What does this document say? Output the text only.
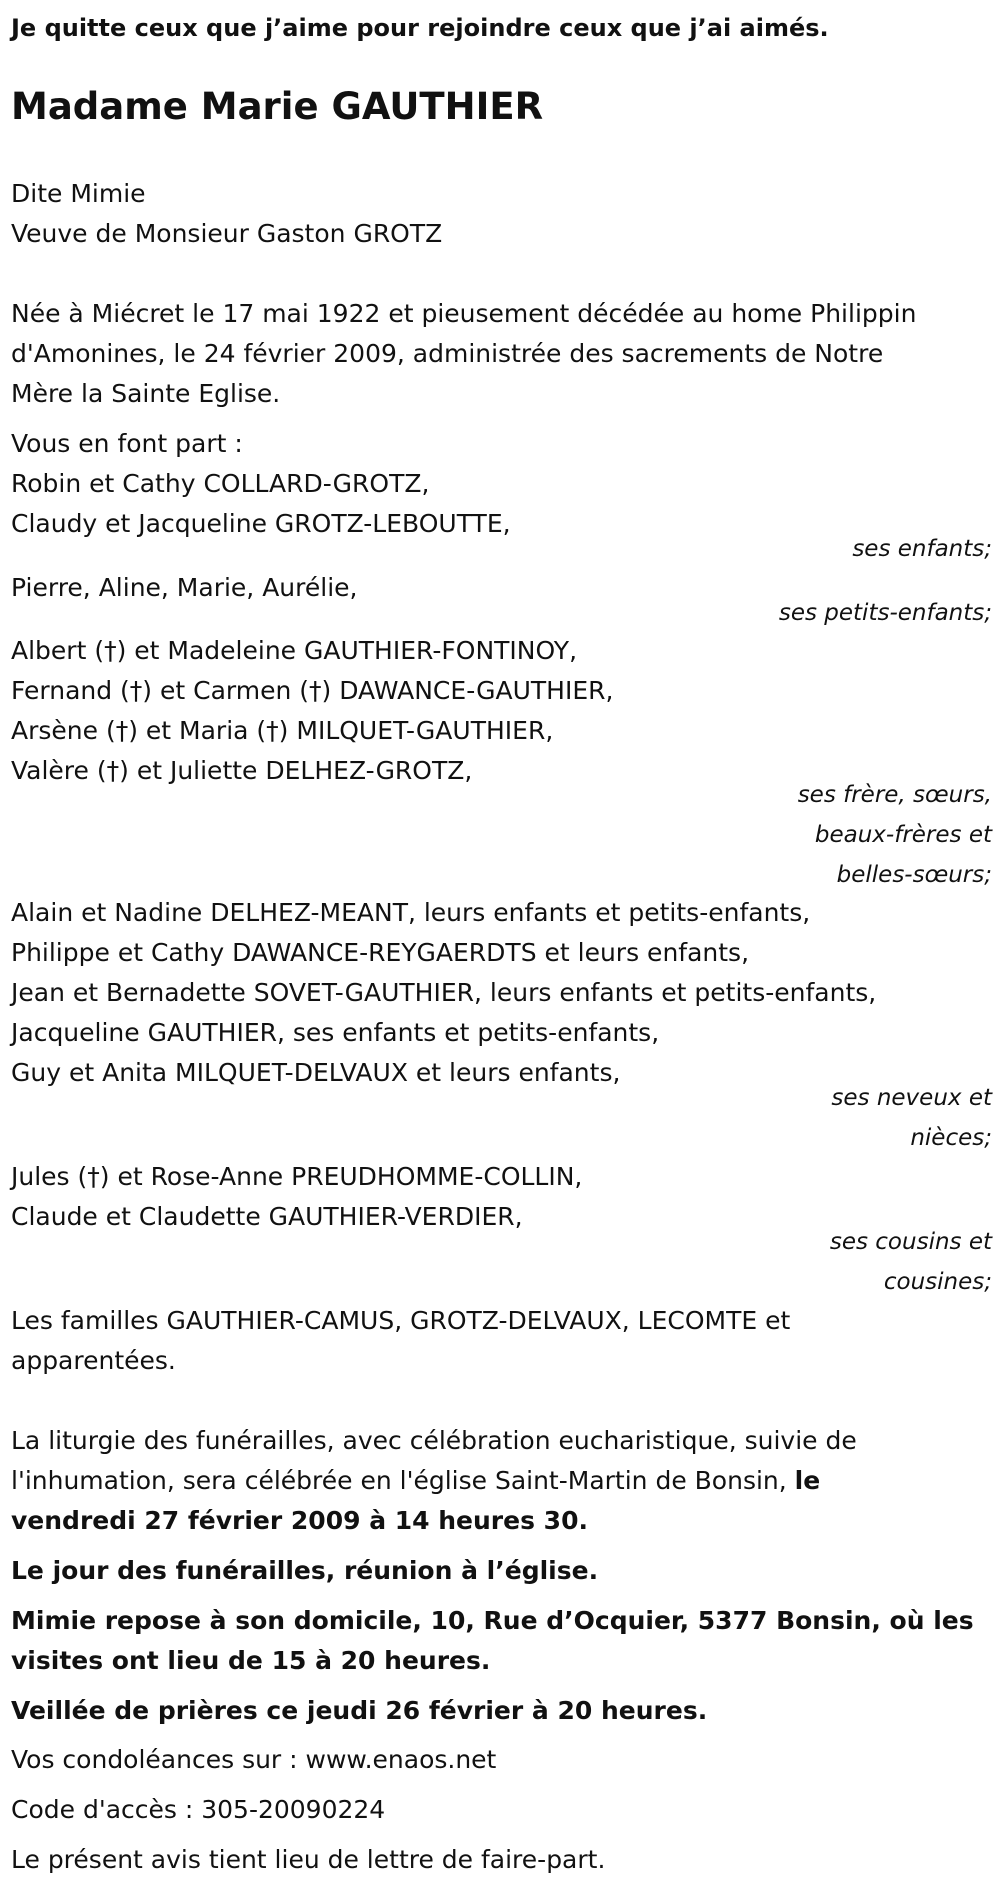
Je quitte ceux que j’aime pour rejoindre ceux que j’ai aimés.
Madame Marie GAUTHIER
Dite Mimie
Veuve de Monsieur Gaston GROTZ
Née à Miécret le 17 mai 1922 et pieusement décédée au home Philippin
d'Amonines, le 24 février 2009, administrée des sacrements de Notre
Mère la Sainte Eglise.
Vous en font part :
Robin et Cathy COLLARD-GROTZ,
Claudy et Jacqueline GROTZ-LEBOUTTE,
ses enfants;
Pierre, Aline, Marie, Aurélie,
ses petits-enfants;
Albert (†) et Madeleine GAUTHIER-FONTINOY,
Fernand (†) et Carmen (†) DAWANCE-GAUTHIER,
Arsène (†) et Maria (†) MILQUET-GAUTHIER,
Valère (†) et Juliette DELHEZ-GROTZ,
ses frère, sœurs,
beaux-frères et
belles-sœurs;
Alain et Nadine DELHEZ-MEANT, leurs enfants et petits-enfants,
Philippe et Cathy DAWANCE-REYGAERDTS et leurs enfants,
Jean et Bernadette SOVET-GAUTHIER, leurs enfants et petits-enfants,
Jacqueline GAUTHIER, ses enfants et petits-enfants,
Guy et Anita MILQUET-DELVAUX et leurs enfants,
ses neveux et
nièces;
Jules (†) et Rose-Anne PREUDHOMME-COLLIN,
Claude et Claudette GAUTHIER-VERDIER,
ses cousins et
cousines;
Les familles GAUTHIER-CAMUS, GROTZ-DELVAUX, LECOMTE et
apparentées.
La liturgie des funérailles, avec célébration eucharistique, suivie de
l'inhumation, sera célébrée en l'église Saint-Martin de Bonsin, le
vendredi 27 février 2009 à 14 heures 30.
Le jour des funérailles, réunion à l’église.
Mimie repose à son domicile, 10, Rue d’Ocquier, 5377 Bonsin, où les
visites ont lieu de 15 à 20 heures.
Veillée de prières ce jeudi 26 février à 20 heures.
Vos condoléances sur : www.enaos.net
Code d'accès : 305-20090224
Le présent avis tient lieu de lettre de faire-part.
